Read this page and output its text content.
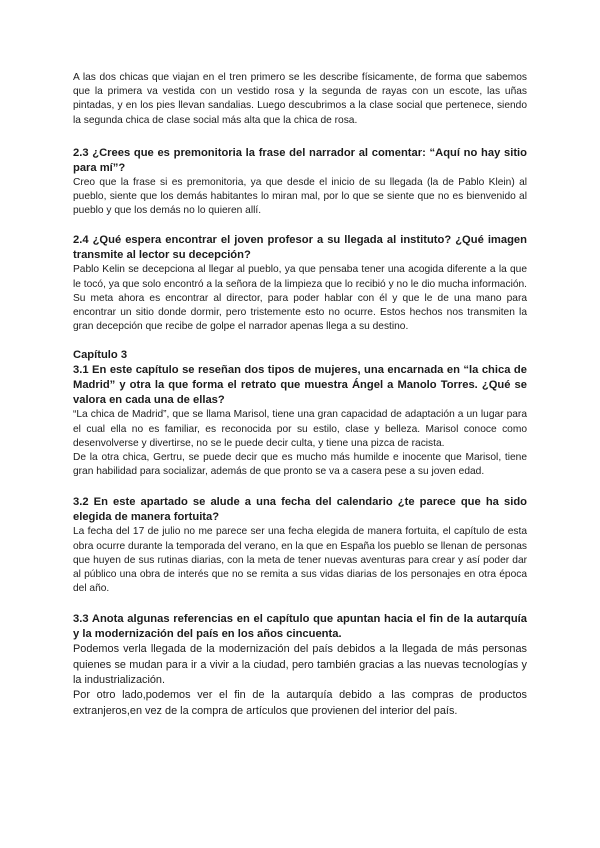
A las dos chicas que viajan en el tren primero se les describe físicamente, de forma que sabemos que la primera va vestida con un vestido rosa y la segunda de rayas con un escote, las uñas pintadas, y en los pies llevan sandalias. Luego descubrimos a la clase social que pertenece, siendo la segunda chica de clase social más alta que la chica de rosa.

2.3 ¿Crees que es premonitoria la frase del narrador al comentar: “Aquí no hay sitio para mí”?

Creo que la frase si es premonitoria, ya que desde el inicio de su llegada (la de Pablo Klein) al pueblo, siente que los demás habitantes lo miran mal, por lo que se siente que no es bienvenido al pueblo y que los demás no lo quieren allí.

2.4 ¿Qué espera encontrar el joven profesor a su llegada al instituto? ¿Qué imagen transmite al lector su decepción?

Pablo Kelin se decepciona al llegar al pueblo, ya que pensaba tener una acogida diferente a la que le tocó, ya que solo encontró a la señora de la limpieza que lo recibió y no le dio mucha información. Su meta ahora es encontrar al director, para poder hablar con él y que le de una mano para encontrar un sitio donde dormir, pero tristemente esto no ocurre. Estos hechos nos transmiten la gran decepción que recibe de golpe el narrador apenas llega a su destino.

Capítulo 3
3.1 En este capítulo se reseñan dos tipos de mujeres, una encarnada en “la chica de Madrid” y otra la que forma el retrato que muestra Ángel a Manolo Torres. ¿Qué se valora en cada una de ellas?

“La chica de Madrid”, que se llama Marisol, tiene una gran capacidad de adaptación a un lugar para el cual ella no es familiar, es reconocida por su estilo, clase y belleza. Marisol conoce como desenvolverse y divertirse, no se le puede decir culta, y tiene una pizca de racista.

De la otra chica, Gertru, se puede decir que es mucho más humilde e inocente que Marisol, tiene gran habilidad para socializar, además de que pronto se va a casera pese a su joven edad.

3.2 En este apartado se alude a una fecha del calendario ¿te parece que ha sido elegida de manera fortuita?

La fecha del 17 de julio no me parece ser una fecha elegida de manera fortuita, el capítulo de esta obra ocurre durante la temporada del verano, en la que en España los pueblo se llenan de personas que huyen de sus rutinas diarias, con la meta de tener nuevas aventuras para crear y así poder dar al público una obra de interés que no se remita a sus vidas diarias de los personajes en otra época del año.

3.3 Anota algunas referencias en el capítulo que apuntan hacia el fin de la autarquía y la modernización del país en los años cincuenta.

Podemos verla llegada de la modernización del país debidos a la llegada de más personas quienes se mudan para ir a vivir a la ciudad, pero también gracias a las nuevas tecnologías y la industrialización.

Por otro lado,podemos ver el fin de la autarquía debido a las compras de productos extranjeros,en vez de la compra de artículos que provienen del interior del país.
